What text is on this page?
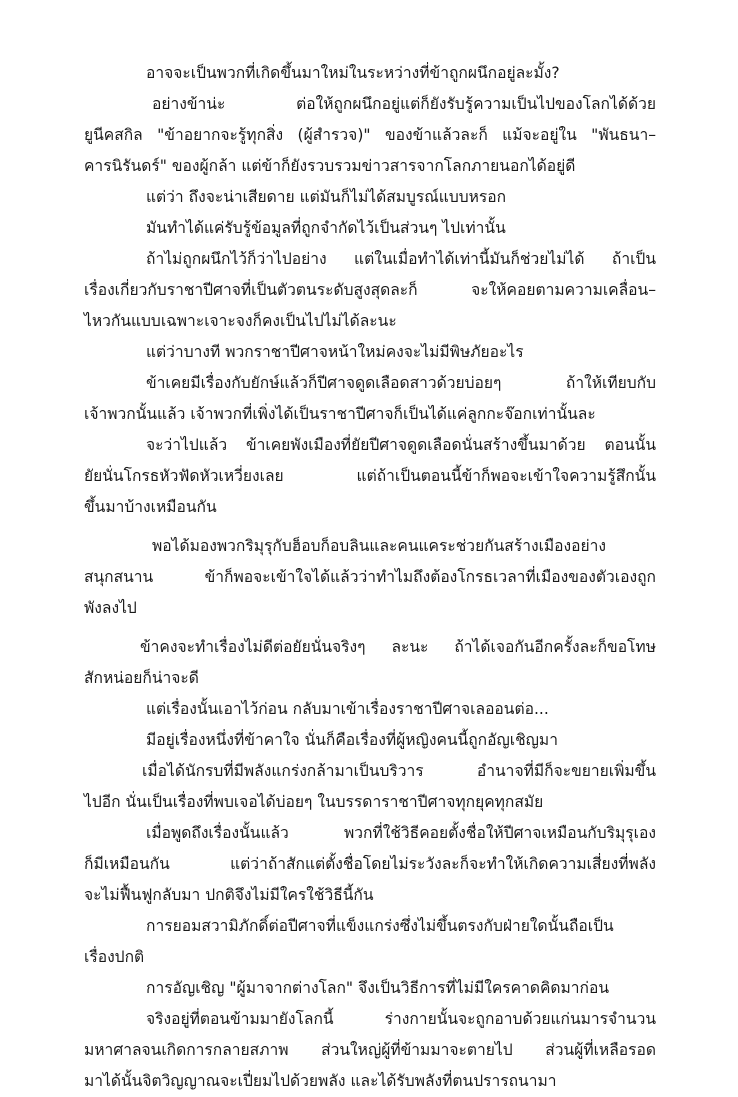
อาจจะเป็นพวกที่เกิดขึ้นมาใหม่ในระหว่างที่ข้าถูกผนึกอยู่ละมั้ง?
อย่างข้าน่ะ ต่อให้ถูกผนึกอยู่แต่ก็ยังรับรู้ความเป็นไปของโลกได้ด้วย
ยูนีคสกิล "ข้าอยากจะรู้ทุกสิ่ง (ผู้สำรวจ)" ของข้าแล้วละก็ แม้จะอยู่ใน "พันธนา–
คารนิรันดร์" ของผู้กล้า แต่ข้าก็ยังรวบรวมข่าวสารจากโลกภายนอกได้อยู่ดี
แต่ว่า ถึงจะน่าเสียดาย แต่มันก็ไม่ได้สมบูรณ์แบบหรอก
มันทำได้แค่รับรู้ข้อมูลที่ถูกจำกัดไว้เป็นส่วนๆ ไปเท่านั้น
ถ้าไม่ถูกผนึกไว้ก็ว่าไปอย่าง แต่ในเมื่อทำได้เท่านี้มันก็ช่วยไม่ได้ ถ้าเป็น
เรื่องเกี่ยวกับราชาปีศาจที่เป็นตัวตนระดับสูงสุดละก็ จะให้คอยตามความเคลื่อน–
ไหวกันแบบเฉพาะเจาะจงก็คงเป็นไปไม่ได้ละนะ
แต่ว่าบางที พวกราชาปีศาจหน้าใหม่คงจะไม่มีพิษภัยอะไร
ข้าเคยมีเรื่องกับยักษ์แล้วก็ปีศาจดูดเลือดสาวด้วยบ่อยๆ ถ้าให้เทียบกับ
เจ้าพวกนั้นแล้ว เจ้าพวกที่เพิ่งได้เป็นราชาปีศาจก็เป็นได้แค่ลูกกะจ๊อกเท่านั้นละ
จะว่าไปแล้ว ข้าเคยพังเมืองที่ยัยปีศาจดูดเลือดนั่นสร้างขึ้นมาด้วย ตอนนั้น
ยัยนั่นโกรธหัวฟัดหัวเหวี่ยงเลย แต่ถ้าเป็นตอนนี้ข้าก็พอจะเข้าใจความรู้สึกนั้น
ขึ้นมาบ้างเหมือนกัน
พอได้มองพวกริมุรุกับฮ็อบก็อบลินและคนแคระช่วยกันสร้างเมืองอย่าง
สนุกสนาน ข้าก็พอจะเข้าใจได้แล้วว่าทำไมถึงต้องโกรธเวลาที่เมืองของตัวเองถูก
พังลงไป
ข้าคงจะทำเรื่องไม่ดีต่อยัยนั่นจริงๆ ละนะ ถ้าได้เจอกันอีกครั้งละก็ขอโทษ
สักหน่อยก็น่าจะดี
แต่เรื่องนั้นเอาไว้ก่อน กลับมาเข้าเรื่องราชาปีศาจเลออนต่อ...
มีอยู่เรื่องหนึ่งที่ข้าคาใจ นั่นก็คือเรื่องที่ผู้หญิงคนนี้ถูกอัญเชิญมา
เมื่อได้นักรบที่มีพลังแกร่งกล้ามาเป็นบริวาร อำนาจที่มีก็จะขยายเพิ่มขึ้น
ไปอีก นั่นเป็นเรื่องที่พบเจอได้บ่อยๆ ในบรรดาราชาปีศาจทุกยุคทุกสมัย
เมื่อพูดถึงเรื่องนั้นแล้ว พวกที่ใช้วิธีคอยตั้งชื่อให้ปีศาจเหมือนกับริมุรุเอง
ก็มีเหมือนกัน แต่ว่าถ้าสักแต่ตั้งชื่อโดยไม่ระวังละก็จะทำให้เกิดความเสี่ยงที่พลัง
จะไม่ฟื้นฟูกลับมา ปกติจึงไม่มีใครใช้วิธีนี้กัน
การยอมสวามิภักดิ์ต่อปีศาจที่แข็งแกร่งซึ่งไม่ขึ้นตรงกับฝ่ายใดนั้นถือเป็น
เรื่องปกติ
การอัญเชิญ "ผู้มาจากต่างโลก" จึงเป็นวิธีการที่ไม่มีใครคาดคิดมาก่อน
จริงอยู่ที่ตอนข้ามมายังโลกนี้ ร่างกายนั้นจะถูกอาบด้วยแก่นมารจำนวน
มหาศาลจนเกิดการกลายสภาพ ส่วนใหญ่ผู้ที่ข้ามมาจะตายไป ส่วนผู้ที่เหลือรอด
มาได้นั้นจิตวิญญาณจะเปี่ยมไปด้วยพลัง และได้รับพลังที่ตนปรารถนามา
